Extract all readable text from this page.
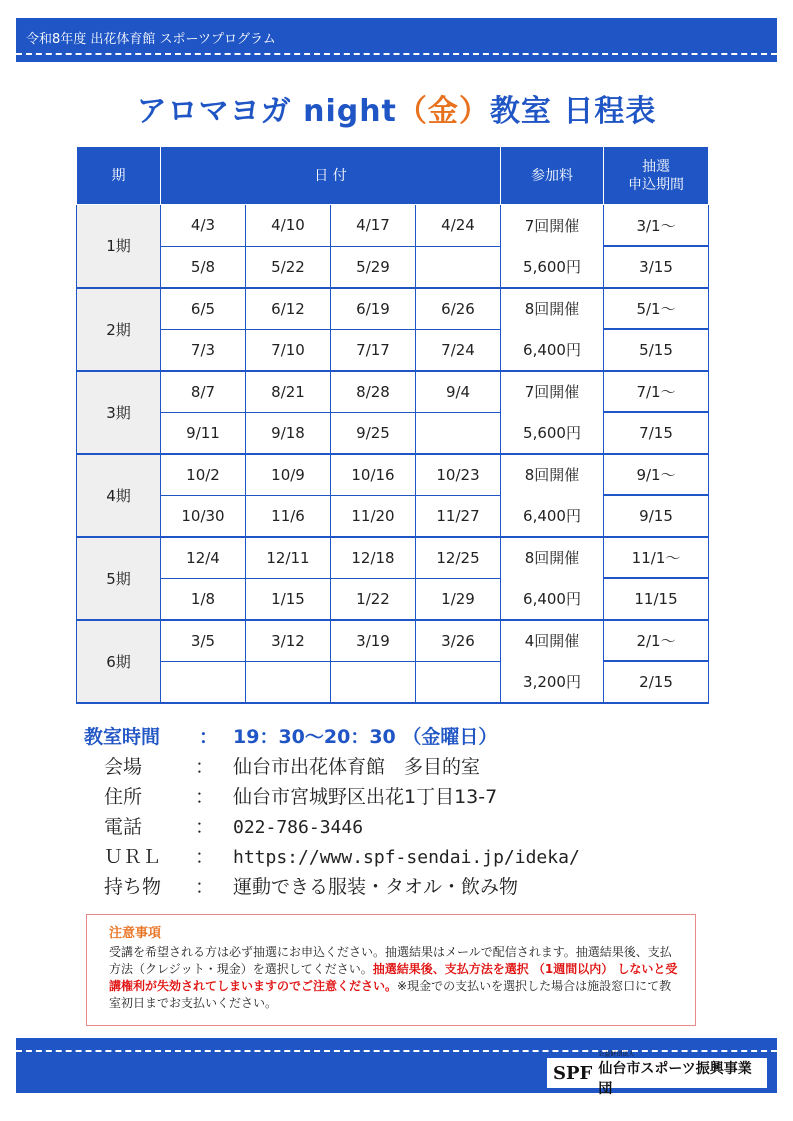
令和8年度 出花体育館 スポーツプログラム
アロマヨガ night（金）教室 日程表
期	日 付				参加料	抽選
申込期間
1期	4/3	4/10	4/17	4/24	7回開催	3/1〜
	5/8	5/22	5/29		5,600円	3/15
2期	6/5	6/12	6/19	6/26	8回開催	5/1〜
	7/3	7/10	7/17	7/24	6,400円	5/15
3期	8/7	8/21	8/28	9/4	7回開催	7/1〜
	9/11	9/18	9/25		5,600円	7/15
4期	10/2	10/9	10/16	10/23	8回開催	9/1〜
	10/30	11/6	11/20	11/27	6,400円	9/15
5期	12/4	12/11	12/18	12/25	8回開催	11/1〜
	1/8	1/15	1/22	1/29	6,400円	11/15
6期	3/5	3/12	3/19	3/26	4回開催	2/1〜
					3,200円	2/15
教室時間 ： 19：30〜20：30 （金曜日）
会場	： 仙台市出花体育館　多目的室
住所	： 仙台市宮城野区出花1丁目13-7
電話	： 022-786-3446
ＵＲＬ ： https://www.spf-sendai.jp/ideka/
持ち物 ： 運動できる服装・タオル・飲み物
注意事項
受講を希望される方は必ず抽選にお申込ください。抽選結果はメールで配信されます。抽選結果後、支払方法（クレジット・現金）を選択してください。抽選結果後、支払方法を選択 （1週間以内） しないと受講権利が失効されてしまいますのでご注意ください。※現金での支払いを選択した場合は施設窓口にて教室初日までお支払いください。
SPF
公益財団法人
仙台市スポーツ振興事業団
